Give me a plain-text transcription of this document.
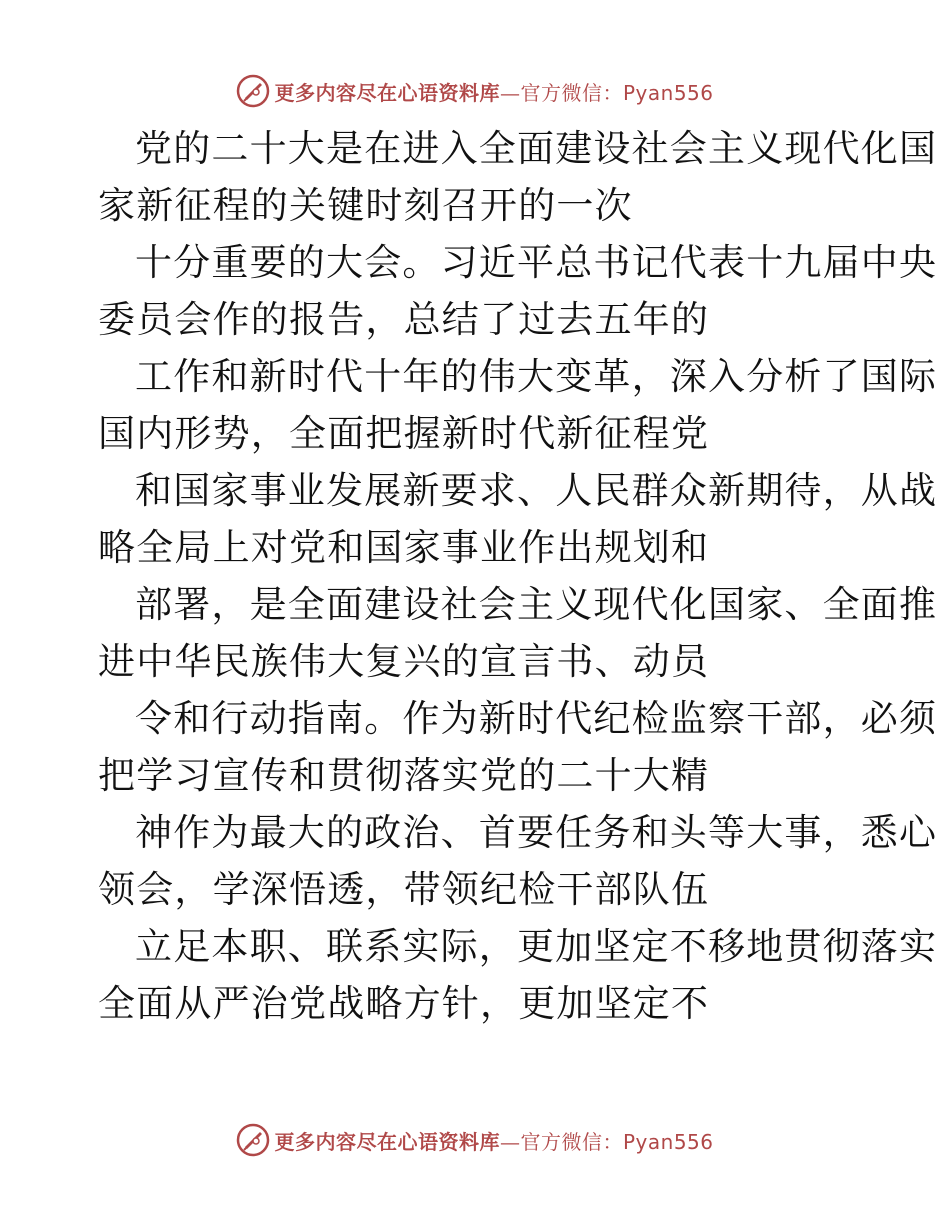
更多内容尽在心语资料库—官方微信：Pyan556
党的二十大是在进入全面建设社会主义现代化国
家新征程的关键时刻召开的一次
十分重要的大会。习近平总书记代表十九届中央
委员会作的报告，总结了过去五年的
工作和新时代十年的伟大变革，深入分析了国际
国内形势，全面把握新时代新征程党
和国家事业发展新要求、人民群众新期待，从战
略全局上对党和国家事业作出规划和
部署，是全面建设社会主义现代化国家、全面推
进中华民族伟大复兴的宣言书、动员
令和行动指南。作为新时代纪检监察干部，必须
把学习宣传和贯彻落实党的二十大精
神作为最大的政治、首要任务和头等大事，悉心
领会，学深悟透，带领纪检干部队伍
立足本职、联系实际，更加坚定不移地贯彻落实
全面从严治党战略方针，更加坚定不
更多内容尽在心语资料库—官方微信：Pyan556
